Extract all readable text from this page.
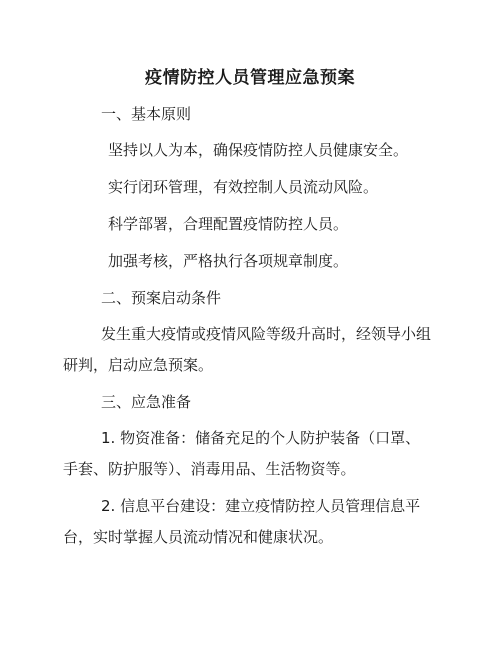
疫情防控人员管理应急预案
一、基本原则
坚持以人为本，确保疫情防控人员健康安全。
实行闭环管理，有效控制人员流动风险。
科学部署，合理配置疫情防控人员。
加强考核，严格执行各项规章制度。
二、预案启动条件
发生重大疫情或疫情风险等级升高时，经领导小组
研判，启动应急预案。
三、应急准备
1. 物资准备：储备充足的个人防护装备（口罩、
手套、防护服等）、消毒用品、生活物资等。
2. 信息平台建设：建立疫情防控人员管理信息平
台，实时掌握人员流动情况和健康状况。
